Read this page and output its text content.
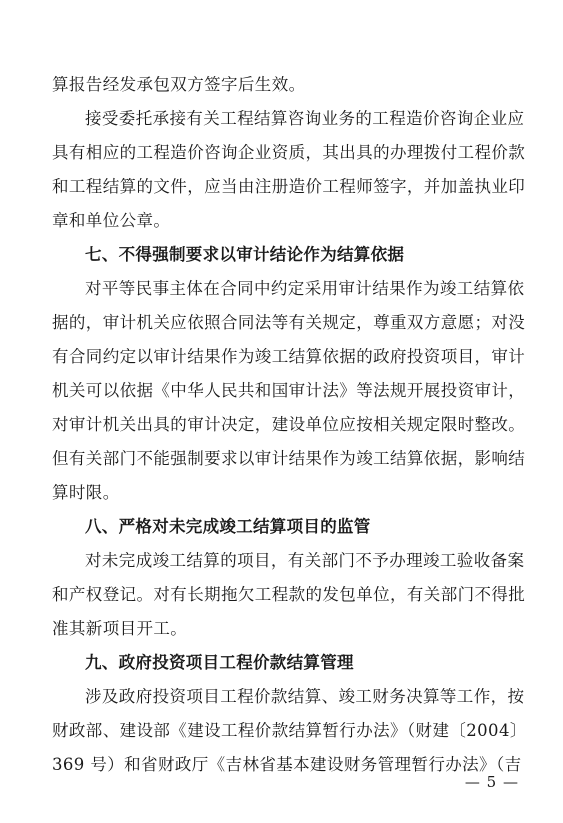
算报告经发承包双方签字后生效。
接受委托承接有关工程结算咨询业务的工程造价咨询企业应
具有相应的工程造价咨询企业资质，其出具的办理拨付工程价款
和工程结算的文件，应当由注册造价工程师签字，并加盖执业印
章和单位公章。
七、不得强制要求以审计结论作为结算依据
对平等民事主体在合同中约定采用审计结果作为竣工结算依
据的，审计机关应依照合同法等有关规定，尊重双方意愿；对没
有合同约定以审计结果作为竣工结算依据的政府投资项目，审计
机关可以依据《中华人民共和国审计法》等法规开展投资审计，
对审计机关出具的审计决定，建设单位应按相关规定限时整改。
但有关部门不能强制要求以审计结果作为竣工结算依据，影响结
算时限。
八、严格对未完成竣工结算项目的监管
对未完成竣工结算的项目，有关部门不予办理竣工验收备案
和产权登记。对有长期拖欠工程款的发包单位，有关部门不得批
准其新项目开工。
九、政府投资项目工程价款结算管理
涉及政府投资项目工程价款结算、竣工财务决算等工作，按
财政部、建设部《建设工程价款结算暂行办法》（财建〔2004〕
369 号）和省财政厅《吉林省基本建设财务管理暂行办法》（吉
— 5 —
